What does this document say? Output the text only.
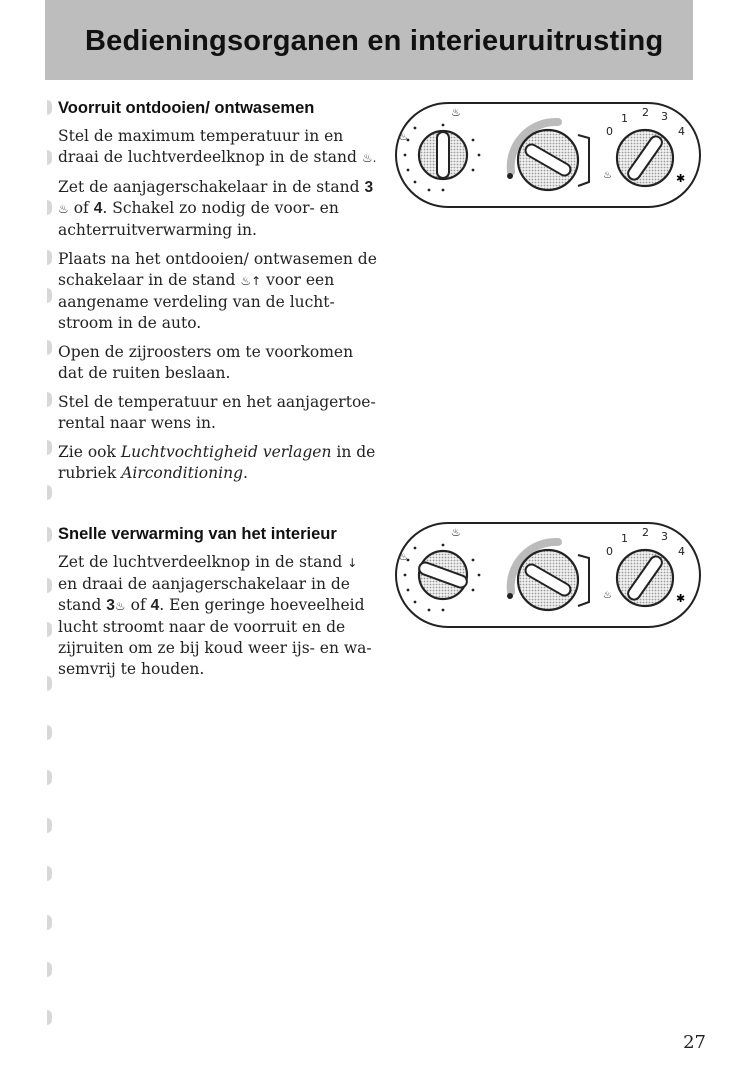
Bedieningsorganen en interieuruitrusting
Voorruit ontdooien/ ontwasemen

Stel de maximum temperatuur in en draai de luchtverdeelknop in de stand ♨.

Zet de aanjagerschakelaar in de stand 3♨ of 4. Schakel zo nodig de voor- en achterruitverwarming in.

Plaats na het ontdooien/ ontwasemen de schakelaar in de stand ♨↑ voor een aangename verdeling van de lucht-stroom in de auto.

Open de zijroosters om te voorkomen dat de ruiten beslaan.

Stel de temperatuur en het aanjagertoe-rental naar wens in.

Zie ook Luchtvochtigheid verlagen in de rubriek Airconditioning.

Snelle verwarming van het interieur

Zet de luchtverdeelknop in de stand ↓ en draai de aanjagerschakelaar in de stand 3♨ of 4. Een geringe hoeveelheid lucht stroomt naar de voorruit en de zijruiten om ze bij koud weer ijs- en wa-semvrij te houden.

♨
♨	0
1 2 3
4
♨	✱
♨
♨	0
1 2 3
4
♨	✱
27
